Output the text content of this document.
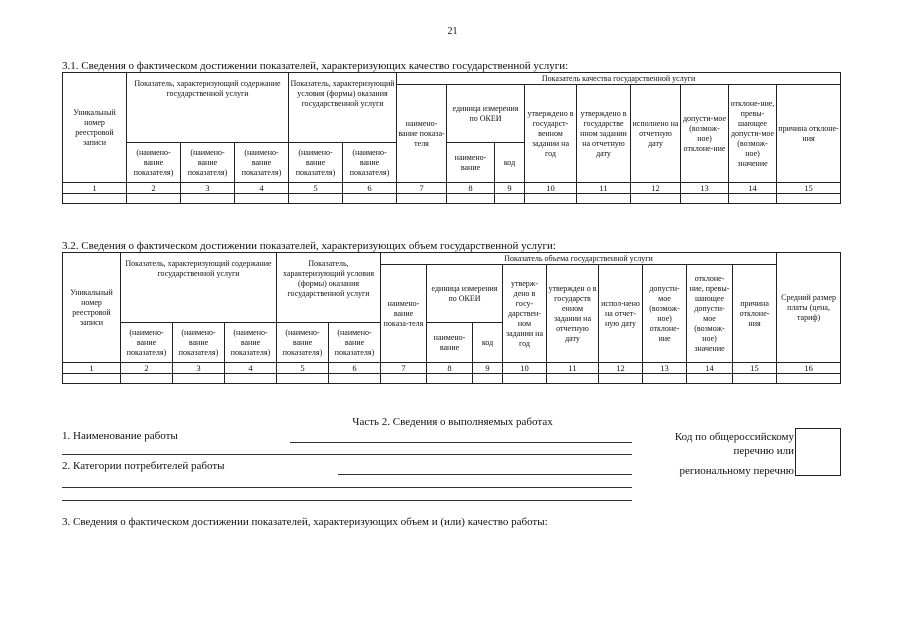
21
3.1. Сведения о фактическом достижении показателей, характеризующих качество государственной услуги:
Уникальный номер реестровой записи	Показатель, характеризующий содержание государственной услуги			Показатель, характеризующий условия (формы) оказания государственной услуги		Показатель качества государственной услуги								
						наимено-вание показа-теля	единица измерения по ОКЕИ		утверждено в государст-венном задании на год	утверждено в государстве нном задании на отчетную дату	исполнено на отчетную дату	допусти-мое (возмож-ное) отклоне-ние	отклоне-ние, превы-шающее допусти-мое (возмож-ное) значение	причина отклоне-ния
	(наимено-вание показателя)	(наимено-вание показателя)	(наимено-вание показателя)	(наимено-вание показателя)	(наимено-вание показателя)		наимено-вание	код						
1	2	3	4	5	6	7	8	9	10	11	12	13	14	15

3.2. Сведения о фактическом достижении показателей, характеризующих объем государственной услуги:
Уникальный номер реестровой записи	Показатель, характеризующий содержание государственной услуги			Показатель, характеризующий условия (формы) оказания государственной услуги		Показатель объема государственной услуги									Средний размер платы (цена, тариф)
						наимено-вание показа-теля	единица измерения по ОКЕИ		утверж-дено в госу-дарствен-ном задании на год	утвержден о в государств енном задании на отчетную дату	испол-нено на отчет-ную дату	допусти-мое (возмож-ное) отклоне-ние	отклоне-ние, превы-шающее допусти-мое (возмож-ное) значение	причина отклоне-ния	
	(наимено-вание показателя)	(наимено-вание показателя)	(наимено-вание показателя)	(наимено-вание показателя)	(наимено-вание показателя)		наимено-вание	код							
1	2	3	4	5	6	7	8	9	10	11	12	13	14	15	16

Часть 2. Сведения о выполняемых работах
1. Наименование работы
2. Категории потребителей работы
Код по общероссийскому
перечню или
региональному перечню
3. Сведения о фактическом достижении показателей, характеризующих объем и (или) качество работы:
